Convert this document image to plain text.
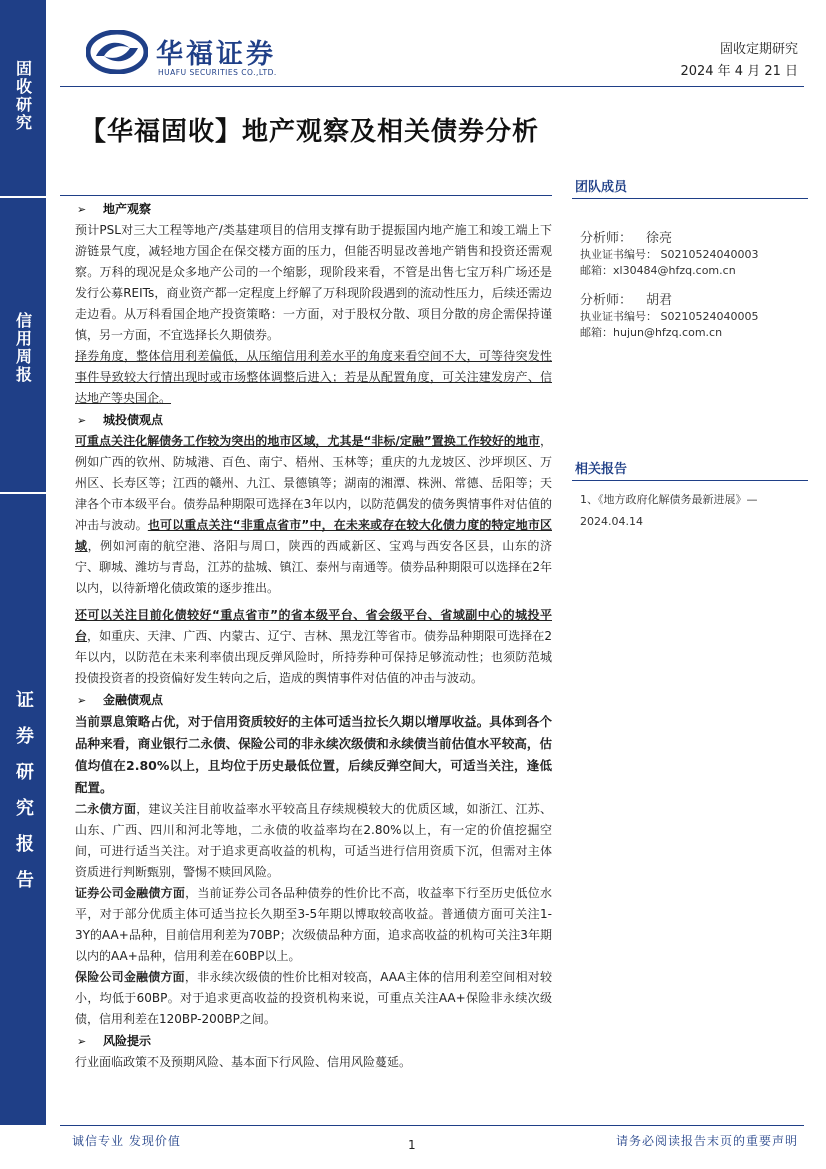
固收研究
信用周报
证券研究报告
华福证券
HUAFU SECURITIES CO.,LTD.
固收定期研究
2024 年 4 月 21 日
【华福固收】地产观察及相关债券分析
➢ 地产观察

预计PSL对三大工程等地产/类基建项目的信用支撑有助于提振国内地产施工和竣工端上下游链景气度，减轻地方国企在保交楼方面的压力，但能否明显改善地产销售和投资还需观察。万科的现况是众多地产公司的一个缩影，现阶段来看，不管是出售七宝万科广场还是发行公募REITs，商业资产都一定程度上纾解了万科现阶段遇到的流动性压力，后续还需边走边看。从万科看国企地产投资策略：一方面，对于股权分散、项目分散的房企需保持谨慎，另一方面，不宜选择长久期债券。

择券角度，整体信用利差偏低，从压缩信用利差水平的角度来看空间不大，可等待突发性事件导致较大行情出现时或市场整体调整后进入；若是从配置角度，可关注建发房产、信达地产等央国企。

➢ 城投债观点

可重点关注化解债务工作较为突出的地市区域，尤其是“非标/定融”置换工作较好的地市，例如广西的钦州、防城港、百色、南宁、梧州、玉林等；重庆的九龙坡区、沙坪坝区、万州区、长寿区等；江西的赣州、九江、景德镇等；湖南的湘潭、株洲、常德、岳阳等；天津各个市本级平台。债券品种期限可选择在3年以内，以防范偶发的债务舆情事件对估值的冲击与波动。也可以重点关注“非重点省市”中，在未来或存在较大化债力度的特定地市区域，例如河南的航空港、洛阳与周口，陕西的西咸新区、宝鸡与西安各区县，山东的济宁、聊城、潍坊与青岛，江苏的盐城、镇江、泰州与南通等。债券品种期限可以选择在2年以内，以待新增化债政策的逐步推出。

还可以关注目前化债较好“重点省市”的省本级平台、省会级平台、省域副中心的城投平台，如重庆、天津、广西、内蒙古、辽宁、吉林、黑龙江等省市。债券品种期限可选择在2年以内，以防范在未来利率债出现反弹风险时，所持券种可保持足够流动性；也须防范城投债投资者的投资偏好发生转向之后，造成的舆情事件对估值的冲击与波动。

➢ 金融债观点

当前票息策略占优，对于信用资质较好的主体可适当拉长久期以增厚收益。具体到各个品种来看，商业银行二永债、保险公司的非永续次级债和永续债当前估值水平较高，估值均值在2.80%以上，且均位于历史最低位置，后续反弹空间大，可适当关注，逢低配置。

二永债方面，建议关注目前收益率水平较高且存续规模较大的优质区域，如浙江、江苏、山东、广西、四川和河北等地，二永债的收益率均在2.80%以上，有一定的价值挖掘空间，可进行适当关注。对于追求更高收益的机构，可适当进行信用资质下沉，但需对主体资质进行判断甄别，警惕不赎回风险。

证券公司金融债方面，当前证券公司各品种债券的性价比不高，收益率下行至历史低位水平，对于部分优质主体可适当拉长久期至3-5年期以博取较高收益。普通债方面可关注1-3Y的AA+品种，目前信用利差为70BP；次级债品种方面，追求高收益的机构可关注3年期以内的AA+品种，信用利差在60BP以上。

保险公司金融债方面，非永续次级债的性价比相对较高，AAA主体的信用利差空间相对较小，均低于60BP。对于追求更高收益的投资机构来说，可重点关注AA+保险非永续次级债，信用利差在120BP-200BP之间。

➢ 风险提示

行业面临政策不及预期风险、基本面下行风险、信用风险蔓延。

团队成员
分析师： 徐亮
执业证书编号： S0210524040003
邮箱：xl30484@hfzq.com.cn
分析师： 胡君
执业证书编号： S0210524040005
邮箱：hujun@hfzq.com.cn
相关报告
1、《地方政府化解债务最新进展》—
2024.04.14
诚信专业 发现价值	1	请务必阅读报告末页的重要声明
